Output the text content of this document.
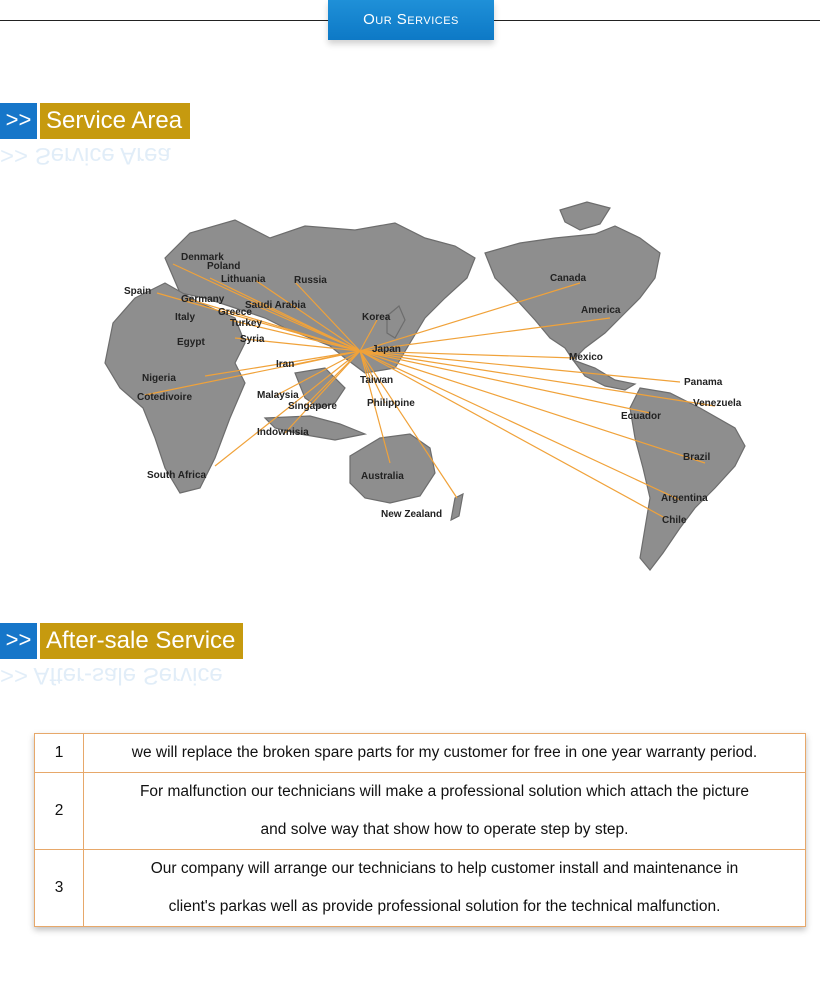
Our Services
>> Service Area
>> Service Area
Denmark
Poland
Lithuania	Russia
Spain
Germany
Saudi Arabia
Italy Greece
Turkey
Korea
Egypt	Syria
Japan
Canada
America
Mexico
Iran
Nigeria	Taiwan
Malaysia
Singapore	Philippine
Cotedivoire
Indownisia
Panama
Venezuela
Ecuador
Brazil
South Africa	Australia
Argentina
Chile
New Zealand
>> After-sale Service
>> After-sale Service
1	we will replace the broken spare parts for my customer for free in one year warranty period.

2	For malfunction our technicians will make a professional solution which attach the picture
and solve way that show how to operate step by step.

3	Our company will arrange our technicians to help customer install and maintenance in
client's parkas well as provide professional solution for the technical malfunction.
